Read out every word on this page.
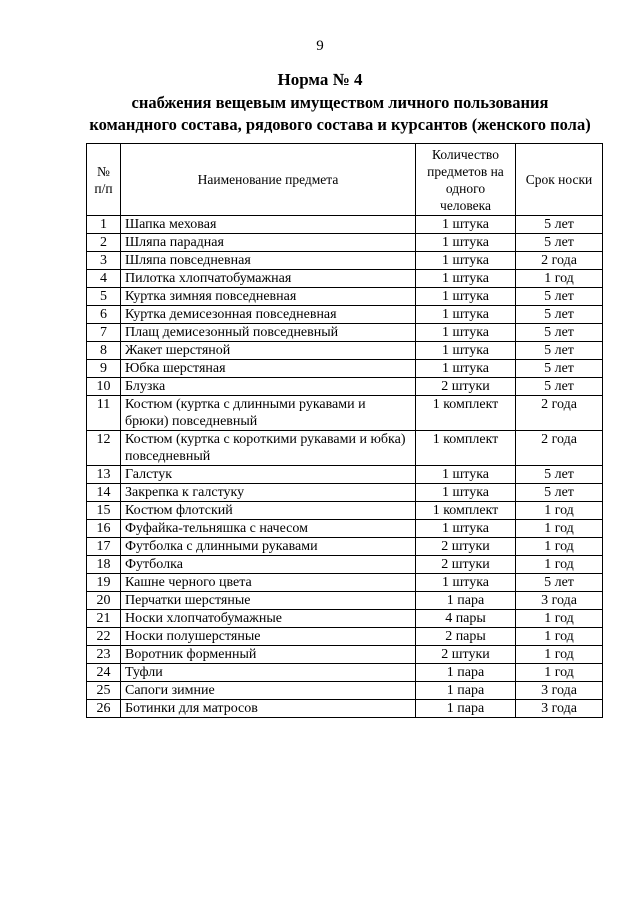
9
Норма № 4
снабжения вещевым имуществом личного пользования
командного состава, рядового состава и курсантов (женского пола)
№ п/п	Наименование предмета	Количество предметов на одного человека	Срок носки
1	Шапка меховая	1 штука	5 лет
2	Шляпа парадная	1 штука	5 лет
3	Шляпа повседневная	1 штука	2 года
4	Пилотка хлопчатобумажная	1 штука	1 год
5	Куртка зимняя повседневная	1 штука	5 лет
6	Куртка демисезонная повседневная	1 штука	5 лет
7	Плащ демисезонный повседневный	1 штука	5 лет
8	Жакет шерстяной	1 штука	5 лет
9	Юбка шерстяная	1 штука	5 лет
10	Блузка	2 штуки	5 лет
11	Костюм (куртка с длинными рукавами и брюки) повседневный	1 комплект	2 года
12	Костюм (куртка с короткими рукавами и юбка) повседневный	1 комплект	2 года
13	Галстук	1 штука	5 лет
14	Закрепка к галстуку	1 штука	5 лет
15	Костюм флотский	1 комплект	1 год
16	Фуфайка-тельняшка с начесом	1 штука	1 год
17	Футболка с длинными рукавами	2 штуки	1 год
18	Футболка	2 штуки	1 год
19	Кашне черного цвета	1 штука	5 лет
20	Перчатки шерстяные	1 пара	3 года
21	Носки хлопчатобумажные	4 пары	1 год
22	Носки полушерстяные	2 пары	1 год
23	Воротник форменный	2 штуки	1 год
24	Туфли	1 пара	1 год
25	Сапоги зимние	1 пара	3 года
26	Ботинки для матросов	1 пара	3 года
